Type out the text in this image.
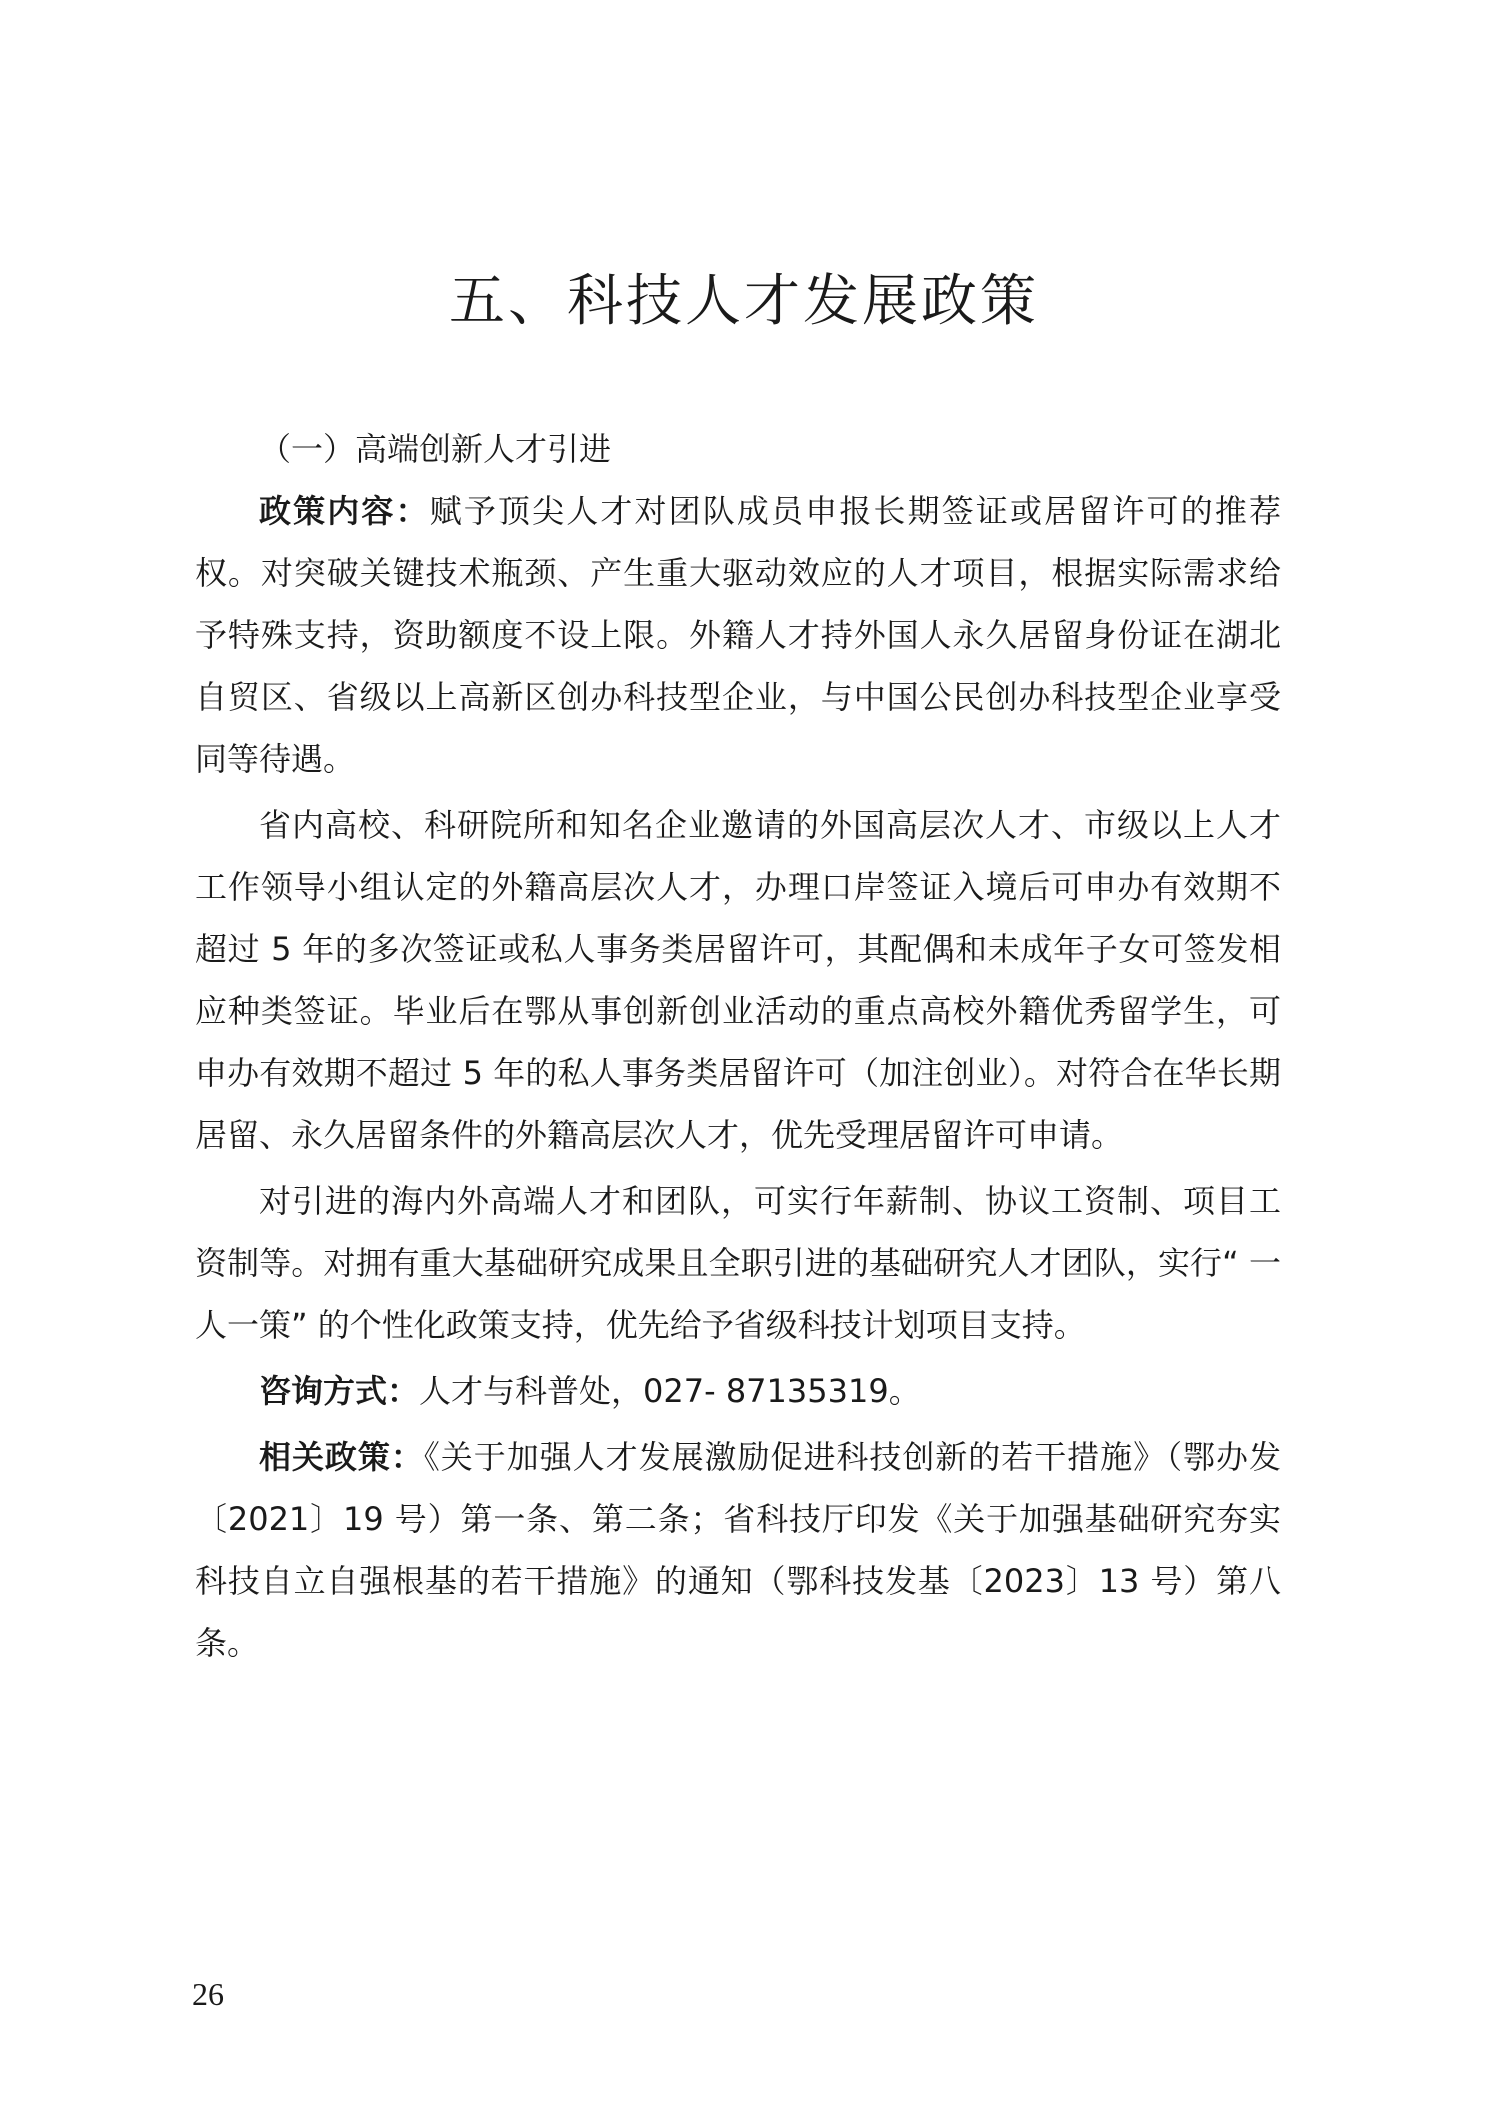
五、科技人才发展政策

（一）高端创新人才引进

政策内容：赋予顶尖人才对团队成员申报长期签证或居留许可的推荐权。对突破关键技术瓶颈、产生重大驱动效应的人才项目，根据实际需求给予特殊支持，资助额度不设上限。外籍人才持外国人永久居留身份证在湖北自贸区、省级以上高新区创办科技型企业，与中国公民创办科技型企业享受同等待遇。

省内高校、科研院所和知名企业邀请的外国高层次人才、市级以上人才工作领导小组认定的外籍高层次人才，办理口岸签证入境后可申办有效期不超过 5 年的多次签证或私人事务类居留许可，其配偶和未成年子女可签发相应种类签证。毕业后在鄂从事创新创业活动的重点高校外籍优秀留学生，可申办有效期不超过 5 年的私人事务类居留许可（加注创业）。对符合在华长期居留、永久居留条件的外籍高层次人才，优先受理居留许可申请。

对引进的海内外高端人才和团队，可实行年薪制、协议工资制、项目工资制等。对拥有重大基础研究成果且全职引进的基础研究人才团队，实行“ 一人一策” 的个性化政策支持，优先给予省级科技计划项目支持。

咨询方式：人才与科普处，027- 87135319。

相关政策：《关于加强人才发展激励促进科技创新的若干措施》（鄂办发〔2021〕19 号）第一条、第二条；省科技厅印发《关于加强基础研究夯实科技自立自强根基的若干措施》的通知（鄂科技发基〔2023〕13 号）第八条。

26
